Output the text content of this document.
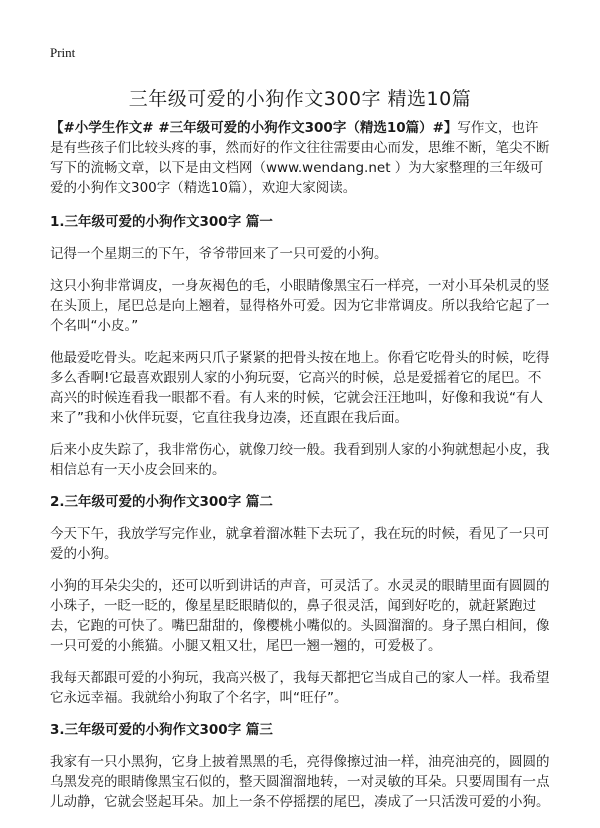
Print
三年级可爱的小狗作文300字 精选10篇

【#小学生作文# #三年级可爱的小狗作文300字（精选10篇）#】写作文，也许是有些孩子们比较头疼的事，然而好的作文往往需要由心而发，思维不断，笔尖不断写下的流畅文章，以下是由文档网（www.wendang.net ）为大家整理的三年级可爱的小狗作文300字（精选10篇），欢迎大家阅读。

1.三年级可爱的小狗作文300字 篇一

记得一个星期三的下午，爷爷带回来了一只可爱的小狗。

这只小狗非常调皮，一身灰褐色的毛，小眼睛像黑宝石一样亮，一对小耳朵机灵的竖在头顶上，尾巴总是向上翘着，显得格外可爱。因为它非常调皮。所以我给它起了一个名叫“小皮。”

他最爱吃骨头。吃起来两只爪子紧紧的把骨头按在地上。你看它吃骨头的时候，吃得多么香啊!它最喜欢跟别人家的小狗玩耍，它高兴的时候，总是爱摇着它的尾巴。不高兴的时候连看我一眼都不看。有人来的时候，它就会汪汪地叫，好像和我说“有人来了”我和小伙伴玩耍，它直往我身边凑，还直跟在我后面。

后来小皮失踪了，我非常伤心，就像刀绞一般。我看到别人家的小狗就想起小皮，我相信总有一天小皮会回来的。

2.三年级可爱的小狗作文300字 篇二

今天下午，我放学写完作业，就拿着溜冰鞋下去玩了，我在玩的时候，看见了一只可爱的小狗。

小狗的耳朵尖尖的，还可以听到讲话的声音，可灵活了。水灵灵的眼睛里面有圆圆的小珠子，一眨一眨的，像星星眨眼睛似的，鼻子很灵活，闻到好吃的，就赶紧跑过去，它跑的可快了。嘴巴甜甜的，像樱桃小嘴似的。头圆溜溜的。身子黑白相间，像一只可爱的小熊猫。小腿又粗又壮，尾巴一翘一翘的，可爱极了。

我每天都跟可爱的小狗玩，我高兴极了，我每天都把它当成自己的家人一样。我希望它永远幸福。我就给小狗取了个名字，叫“旺仔”。

3.三年级可爱的小狗作文300字 篇三

我家有一只小黑狗，它身上披着黑黑的毛，亮得像擦过油一样，油亮油亮的，圆圆的乌黑发亮的眼睛像黑宝石似的，整天圆溜溜地转，一对灵敏的耳朵。只要周围有一点儿动静，它就会竖起耳朵。加上一条不停摇摆的尾巴，凑成了一只活泼可爱的小狗。
